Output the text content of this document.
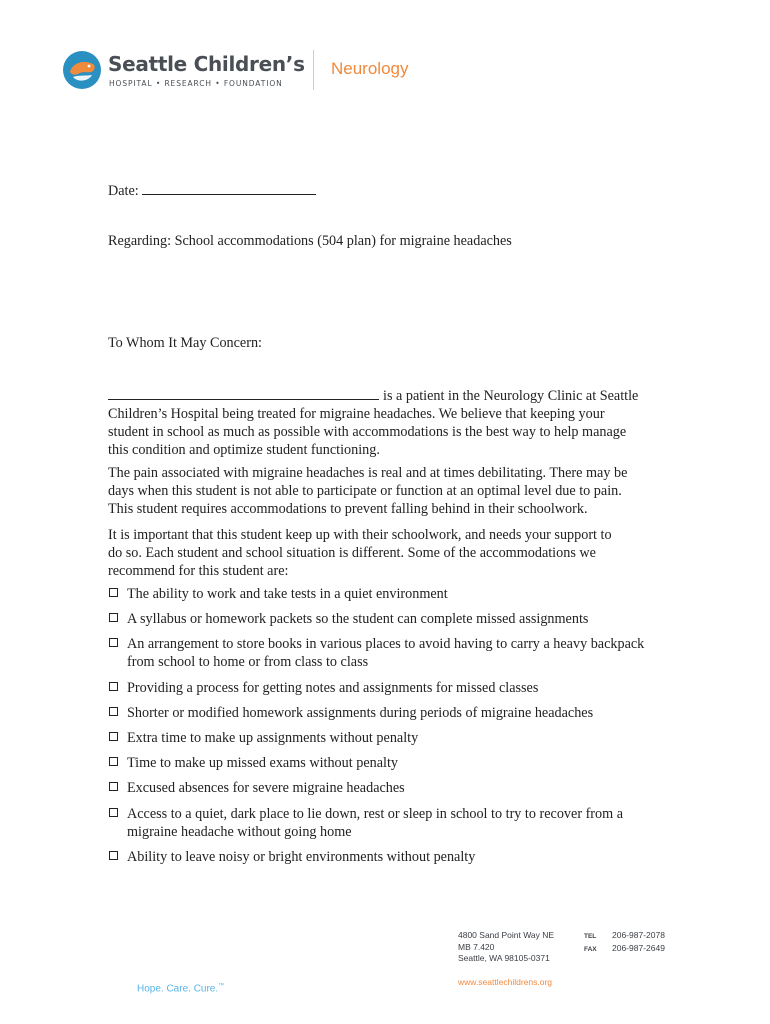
Seattle Children’s
HOSPITAL • RESEARCH • FOUNDATION
Neurology
Date:
Regarding: School accommodations (504 plan) for migraine headaches
To Whom It May Concern:
is a patient in the Neurology Clinic at Seattle
Children’s Hospital being treated for migraine headaches. We believe that keeping your
student in school as much as possible with accommodations is the best way to help manage
this condition and optimize student functioning.
The pain associated with migraine headaches is real and at times debilitating. There may be
days when this student is not able to participate or function at an optimal level due to pain.
This student requires accommodations to prevent falling behind in their schoolwork.
It is important that this student keep up with their schoolwork, and needs your support to
do so. Each student and school situation is different. Some of the accommodations we
recommend for this student are:
The ability to work and take tests in a quiet environment
A syllabus or homework packets so the student can complete missed assignments
An arrangement to store books in various places to avoid having to carry a heavy backpack from school to home or from class to class
Providing a process for getting notes and assignments for missed classes
Shorter or modified homework assignments during periods of migraine headaches
Extra time to make up assignments without penalty
Time to make up missed exams without penalty
Excused absences for severe migraine headaches
Access to a quiet, dark place to lie down, rest or sleep in school to try to recover from a migraine headache without going home
Ability to leave noisy or bright environments without penalty
4800 Sand Point Way NE
MB 7.420
Seattle, WA 98105-0371
TEL 206-987-2078
FAX 206-987-2649
www.seattlechildrens.org
Hope. Care. Cure.™
